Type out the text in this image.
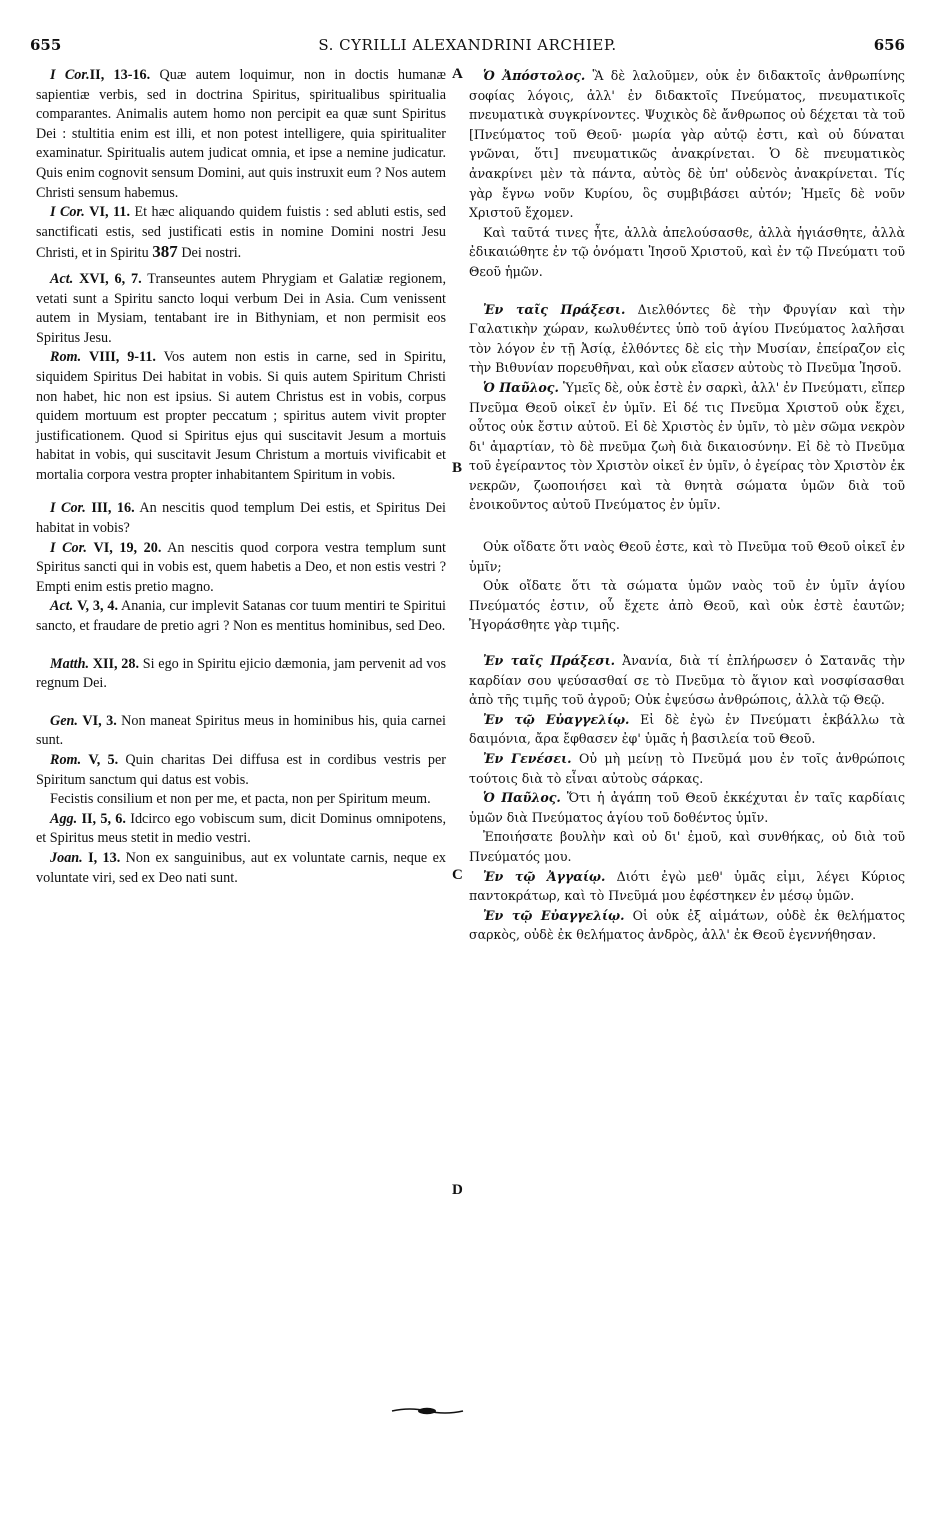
655	S. CYRILLI ALEXANDRINI ARCHIEP.	656
A
B
C
D

I Cor.II, 13-16. Quæ autem loquimur, non in doctis humanæ sapientiæ verbis, sed in doctrina Spiritus, spiritualibus spiritualia comparantes. Animalis autem homo non percipit ea quæ sunt Spiritus Dei : stultitia enim est illi, et non potest intelligere, quia spiritualiter examinatur. Spiritualis autem judicat omnia, et ipse a nemine judicatur. Quis enim cognovit sensum Domini, aut quis instruxit eum ? Nos autem Christi sensum habemus.

I Cor. VI, 11. Et hæc aliquando quidem fuistis : sed abluti estis, sed sanctificati estis, sed justificati estis in nomine Domini nostri Jesu Christi, et in Spiritu 387 Dei nostri.

Act. XVI, 6, 7. Transeuntes autem Phrygiam et Galatiæ regionem, vetati sunt a Spiritu sancto loqui verbum Dei in Asia. Cum venissent autem in Mysiam, tentabant ire in Bithyniam, et non permisit eos Spiritus Jesu.

Rom. VIII, 9-11. Vos autem non estis in carne, sed in Spiritu, siquidem Spiritus Dei habitat in vobis. Si quis autem Spiritum Christi non habet, hic non est ipsius. Si autem Christus est in vobis, corpus quidem mortuum est propter peccatum ; spiritus autem vivit propter justificationem. Quod si Spiritus ejus qui suscitavit Jesum a mortuis habitat in vobis, qui suscitavit Jesum Christum a mortuis vivificabit et mortalia corpora vestra propter inhabitantem Spiritum in vobis.

I Cor. III, 16. An nescitis quod templum Dei estis, et Spiritus Dei habitat in vobis?

I Cor. VI, 19, 20. An nescitis quod corpora vestra templum sunt Spiritus sancti qui in vobis est, quem habetis a Deo, et non estis vestri ? Empti enim estis pretio magno.

Act. V, 3, 4. Anania, cur implevit Satanas cor tuum mentiri te Spiritui sancto, et fraudare de pretio agri ? Non es mentitus hominibus, sed Deo.

Matth. XII, 28. Si ego in Spiritu ejicio dæmonia, jam pervenit ad vos regnum Dei.

Gen. VI, 3. Non maneat Spiritus meus in hominibus his, quia carnei sunt.

Rom. V, 5. Quin charitas Dei diffusa est in cordibus vestris per Spiritum sanctum qui datus est vobis.

Fecistis consilium et non per me, et pacta, non per Spiritum meum.

Agg. II, 5, 6. Idcirco ego vobiscum sum, dicit Dominus omnipotens, et Spiritus meus stetit in medio vestri.

Joan. I, 13. Non ex sanguinibus, aut ex voluntate carnis, neque ex voluntate viri, sed ex Deo nati sunt.

Ὁ Ἀπόστολος. Ἃ δὲ λαλοῦμεν, οὐκ ἐν διδακτοῖς ἀνθρωπίνης σοφίας λόγοις, ἀλλ' ἐν διδακτοῖς Πνεύματος, πνευματικοῖς πνευματικὰ συγκρίνοντες. Ψυχικὸς δὲ ἄνθρωπος οὐ δέχεται τὰ τοῦ [Πνεύματος τοῦ Θεοῦ· μωρία γὰρ αὐτῷ ἐστι, καὶ οὐ δύναται γνῶναι, ὅτι] πνευματικῶς ἀνακρίνεται. Ὁ δὲ πνευματικὸς ἀνακρίνει μὲν τὰ πάντα, αὐτὸς δὲ ὑπ' οὐδενὸς ἀνακρίνεται. Τίς γὰρ ἔγνω νοῦν Κυρίου, ὃς συμβιβάσει αὐτόν; Ἡμεῖς δὲ νοῦν Χριστοῦ ἔχομεν.

Καὶ ταῦτά τινες ἦτε, ἀλλὰ ἀπελούσασθε, ἀλλὰ ἡγιάσθητε, ἀλλὰ ἐδικαιώθητε ἐν τῷ ὀνόματι Ἰησοῦ Χριστοῦ, καὶ ἐν τῷ Πνεύματι τοῦ Θεοῦ ἡμῶν.

Ἐν ταῖς Πράξεσι. Διελθόντες δὲ τὴν Φρυγίαν καὶ τὴν Γαλατικὴν χώραν, κωλυθέντες ὑπὸ τοῦ ἁγίου Πνεύματος λαλῆσαι τὸν λόγον ἐν τῇ Ἀσίᾳ, ἐλθόντες δὲ εἰς τὴν Μυσίαν, ἐπείραζον εἰς τὴν Βιθυνίαν πορευθῆναι, καὶ οὐκ εἴασεν αὐτοὺς τὸ Πνεῦμα Ἰησοῦ.

Ὁ Παῦλος. Ὑμεῖς δὲ, οὐκ ἐστὲ ἐν σαρκὶ, ἀλλ' ἐν Πνεύματι, εἴπερ Πνεῦμα Θεοῦ οἰκεῖ ἐν ὑμῖν. Εἰ δέ τις Πνεῦμα Χριστοῦ οὐκ ἔχει, οὗτος οὐκ ἔστιν αὐτοῦ. Εἰ δὲ Χριστὸς ἐν ὑμῖν, τὸ μὲν σῶμα νεκρὸν δι' ἁμαρτίαν, τὸ δὲ πνεῦμα ζωὴ διὰ δικαιοσύνην. Εἰ δὲ τὸ Πνεῦμα τοῦ ἐγείραντος τὸν Χριστὸν οἰκεῖ ἐν ὑμῖν, ὁ ἐγείρας τὸν Χριστὸν ἐκ νεκρῶν, ζωοποιήσει καὶ τὰ θνητὰ σώματα ὑμῶν διὰ τοῦ ἐνοικοῦντος αὐτοῦ Πνεύματος ἐν ὑμῖν.

Οὐκ οἴδατε ὅτι ναὸς Θεοῦ ἐστε, καὶ τὸ Πνεῦμα τοῦ Θεοῦ οἰκεῖ ἐν ὑμῖν;

Οὐκ οἴδατε ὅτι τὰ σώματα ὑμῶν ναὸς τοῦ ἐν ὑμῖν ἁγίου Πνεύματός ἐστιν, οὗ ἔχετε ἀπὸ Θεοῦ, καὶ οὐκ ἐστὲ ἑαυτῶν; Ἠγοράσθητε γὰρ τιμῆς.

Ἐν ταῖς Πράξεσι. Ἀνανία, διὰ τί ἐπλήρωσεν ὁ Σατανᾶς τὴν καρδίαν σου ψεύσασθαί σε τὸ Πνεῦμα τὸ ἅγιον καὶ νοσφίσασθαι ἀπὸ τῆς τιμῆς τοῦ ἀγροῦ; Οὐκ ἐψεύσω ἀνθρώποις, ἀλλὰ τῷ Θεῷ.

Ἐν τῷ Εὐαγγελίῳ. Εἰ δὲ ἐγὼ ἐν Πνεύματι ἐκβάλλω τὰ δαιμόνια, ἄρα ἔφθασεν ἐφ' ὑμᾶς ἡ βασιλεία τοῦ Θεοῦ.

Ἐν Γενέσει. Οὐ μὴ μείνῃ τὸ Πνεῦμά μου ἐν τοῖς ἀνθρώποις τούτοις διὰ τὸ εἶναι αὐτοὺς σάρκας.

Ὁ Παῦλος. Ὅτι ἡ ἀγάπη τοῦ Θεοῦ ἐκκέχυται ἐν ταῖς καρδίαις ὑμῶν διὰ Πνεύματος ἁγίου τοῦ δοθέντος ὑμῖν.

Ἐποιήσατε βουλὴν καὶ οὐ δι' ἐμοῦ, καὶ συνθήκας, οὐ διὰ τοῦ Πνεύματός μου.

Ἐν τῷ Ἀγγαίῳ. Διότι ἐγὼ μεθ' ὑμᾶς εἰμι, λέγει Κύριος παντοκράτωρ, καὶ τὸ Πνεῦμά μου ἐφέστηκεν ἐν μέσῳ ὑμῶν.

Ἐν τῷ Εὐαγγελίῳ. Οἱ οὐκ ἐξ αἱμάτων, οὐδὲ ἐκ θελήματος σαρκὸς, οὐδὲ ἐκ θελήματος ἀνδρὸς, ἀλλ' ἐκ Θεοῦ ἐγεννήθησαν.
